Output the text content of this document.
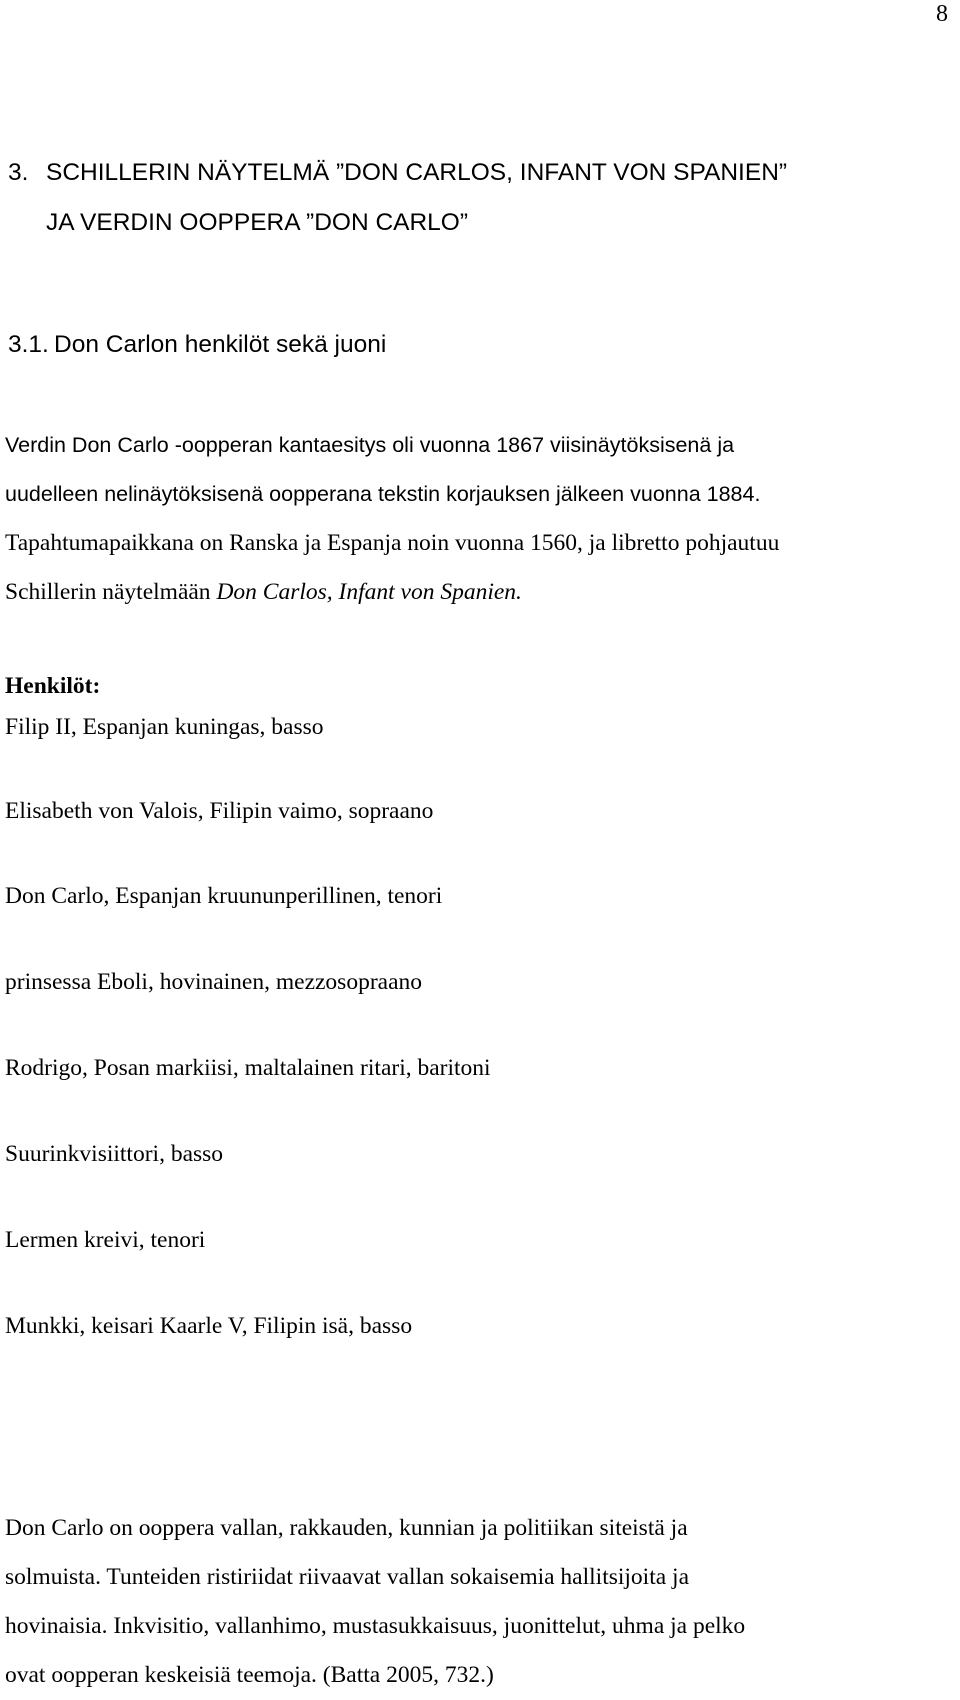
8
3. SCHILLERIN NÄYTELMÄ ”DON CARLOS, INFANT VON SPANIEN”
JA VERDIN OOPPERA ”DON CARLO”
3.1. Don Carlon henkilöt sekä juoni
Verdin Don Carlo -oopperan kantaesitys oli vuonna 1867 viisinäytöksisenä ja
uudelleen nelinäytöksisenä oopperana tekstin korjauksen jälkeen vuonna 1884.
Tapahtumapaikkana on Ranska ja Espanja noin vuonna 1560, ja libretto pohjautuu
Schillerin näytelmään Don Carlos, Infant von Spanien.
Henkilöt:
Filip II, Espanjan kuningas, basso
Elisabeth von Valois, Filipin vaimo, sopraano
Don Carlo, Espanjan kruununperillinen, tenori
prinsessa Eboli, hovinainen, mezzosopraano
Rodrigo, Posan markiisi, maltalainen ritari, baritoni
Suurinkvisiittori, basso
Lermen kreivi, tenori
Munkki, keisari Kaarle V, Filipin isä, basso
Don Carlo on ooppera vallan, rakkauden, kunnian ja politiikan siteistä ja
solmuista. Tunteiden ristiriidat riivaavat vallan sokaisemia hallitsijoita ja
hovinaisia. Inkvisitio, vallanhimo, mustasukkaisuus, juonittelut, uhma ja pelko
ovat oopperan keskeisiä teemoja. (Batta 2005, 732.)
